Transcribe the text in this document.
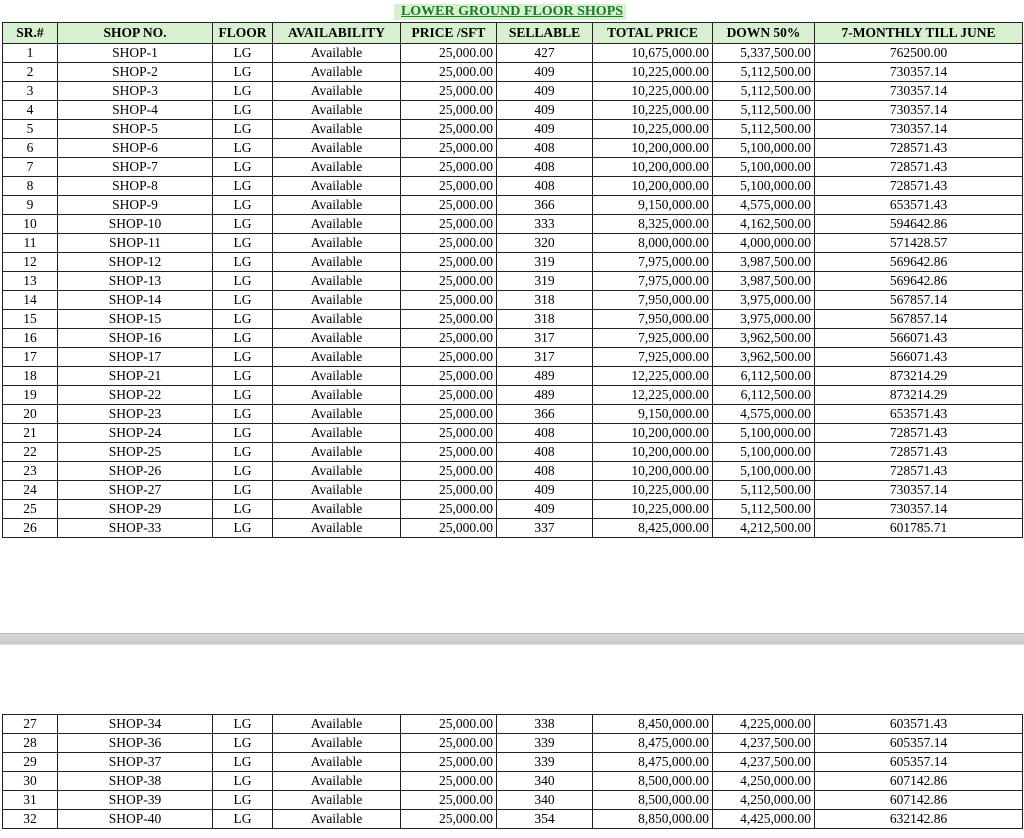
LOWER GROUND FLOOR SHOPS
SR.#	SHOP NO.	FLOOR	AVAILABILITY	PRICE /SFT	SELLABLE	TOTAL PRICE	DOWN 50%	7-MONTHLY TILL JUNE
1	SHOP-1	LG	Available	25,000.00	427	10,675,000.00	5,337,500.00	762500.00
2	SHOP-2	LG	Available	25,000.00	409	10,225,000.00	5,112,500.00	730357.14
3	SHOP-3	LG	Available	25,000.00	409	10,225,000.00	5,112,500.00	730357.14
4	SHOP-4	LG	Available	25,000.00	409	10,225,000.00	5,112,500.00	730357.14
5	SHOP-5	LG	Available	25,000.00	409	10,225,000.00	5,112,500.00	730357.14
6	SHOP-6	LG	Available	25,000.00	408	10,200,000.00	5,100,000.00	728571.43
7	SHOP-7	LG	Available	25,000.00	408	10,200,000.00	5,100,000.00	728571.43
8	SHOP-8	LG	Available	25,000.00	408	10,200,000.00	5,100,000.00	728571.43
9	SHOP-9	LG	Available	25,000.00	366	9,150,000.00	4,575,000.00	653571.43
10	SHOP-10	LG	Available	25,000.00	333	8,325,000.00	4,162,500.00	594642.86
11	SHOP-11	LG	Available	25,000.00	320	8,000,000.00	4,000,000.00	571428.57
12	SHOP-12	LG	Available	25,000.00	319	7,975,000.00	3,987,500.00	569642.86
13	SHOP-13	LG	Available	25,000.00	319	7,975,000.00	3,987,500.00	569642.86
14	SHOP-14	LG	Available	25,000.00	318	7,950,000.00	3,975,000.00	567857.14
15	SHOP-15	LG	Available	25,000.00	318	7,950,000.00	3,975,000.00	567857.14
16	SHOP-16	LG	Available	25,000.00	317	7,925,000.00	3,962,500.00	566071.43
17	SHOP-17	LG	Available	25,000.00	317	7,925,000.00	3,962,500.00	566071.43
18	SHOP-21	LG	Available	25,000.00	489	12,225,000.00	6,112,500.00	873214.29
19	SHOP-22	LG	Available	25,000.00	489	12,225,000.00	6,112,500.00	873214.29
20	SHOP-23	LG	Available	25,000.00	366	9,150,000.00	4,575,000.00	653571.43
21	SHOP-24	LG	Available	25,000.00	408	10,200,000.00	5,100,000.00	728571.43
22	SHOP-25	LG	Available	25,000.00	408	10,200,000.00	5,100,000.00	728571.43
23	SHOP-26	LG	Available	25,000.00	408	10,200,000.00	5,100,000.00	728571.43
24	SHOP-27	LG	Available	25,000.00	409	10,225,000.00	5,112,500.00	730357.14
25	SHOP-29	LG	Available	25,000.00	409	10,225,000.00	5,112,500.00	730357.14
26	SHOP-33	LG	Available	25,000.00	337	8,425,000.00	4,212,500.00	601785.71
27	SHOP-34	LG	Available	25,000.00	338	8,450,000.00	4,225,000.00	603571.43
28	SHOP-36	LG	Available	25,000.00	339	8,475,000.00	4,237,500.00	605357.14
29	SHOP-37	LG	Available	25,000.00	339	8,475,000.00	4,237,500.00	605357.14
30	SHOP-38	LG	Available	25,000.00	340	8,500,000.00	4,250,000.00	607142.86
31	SHOP-39	LG	Available	25,000.00	340	8,500,000.00	4,250,000.00	607142.86
32	SHOP-40	LG	Available	25,000.00	354	8,850,000.00	4,425,000.00	632142.86
